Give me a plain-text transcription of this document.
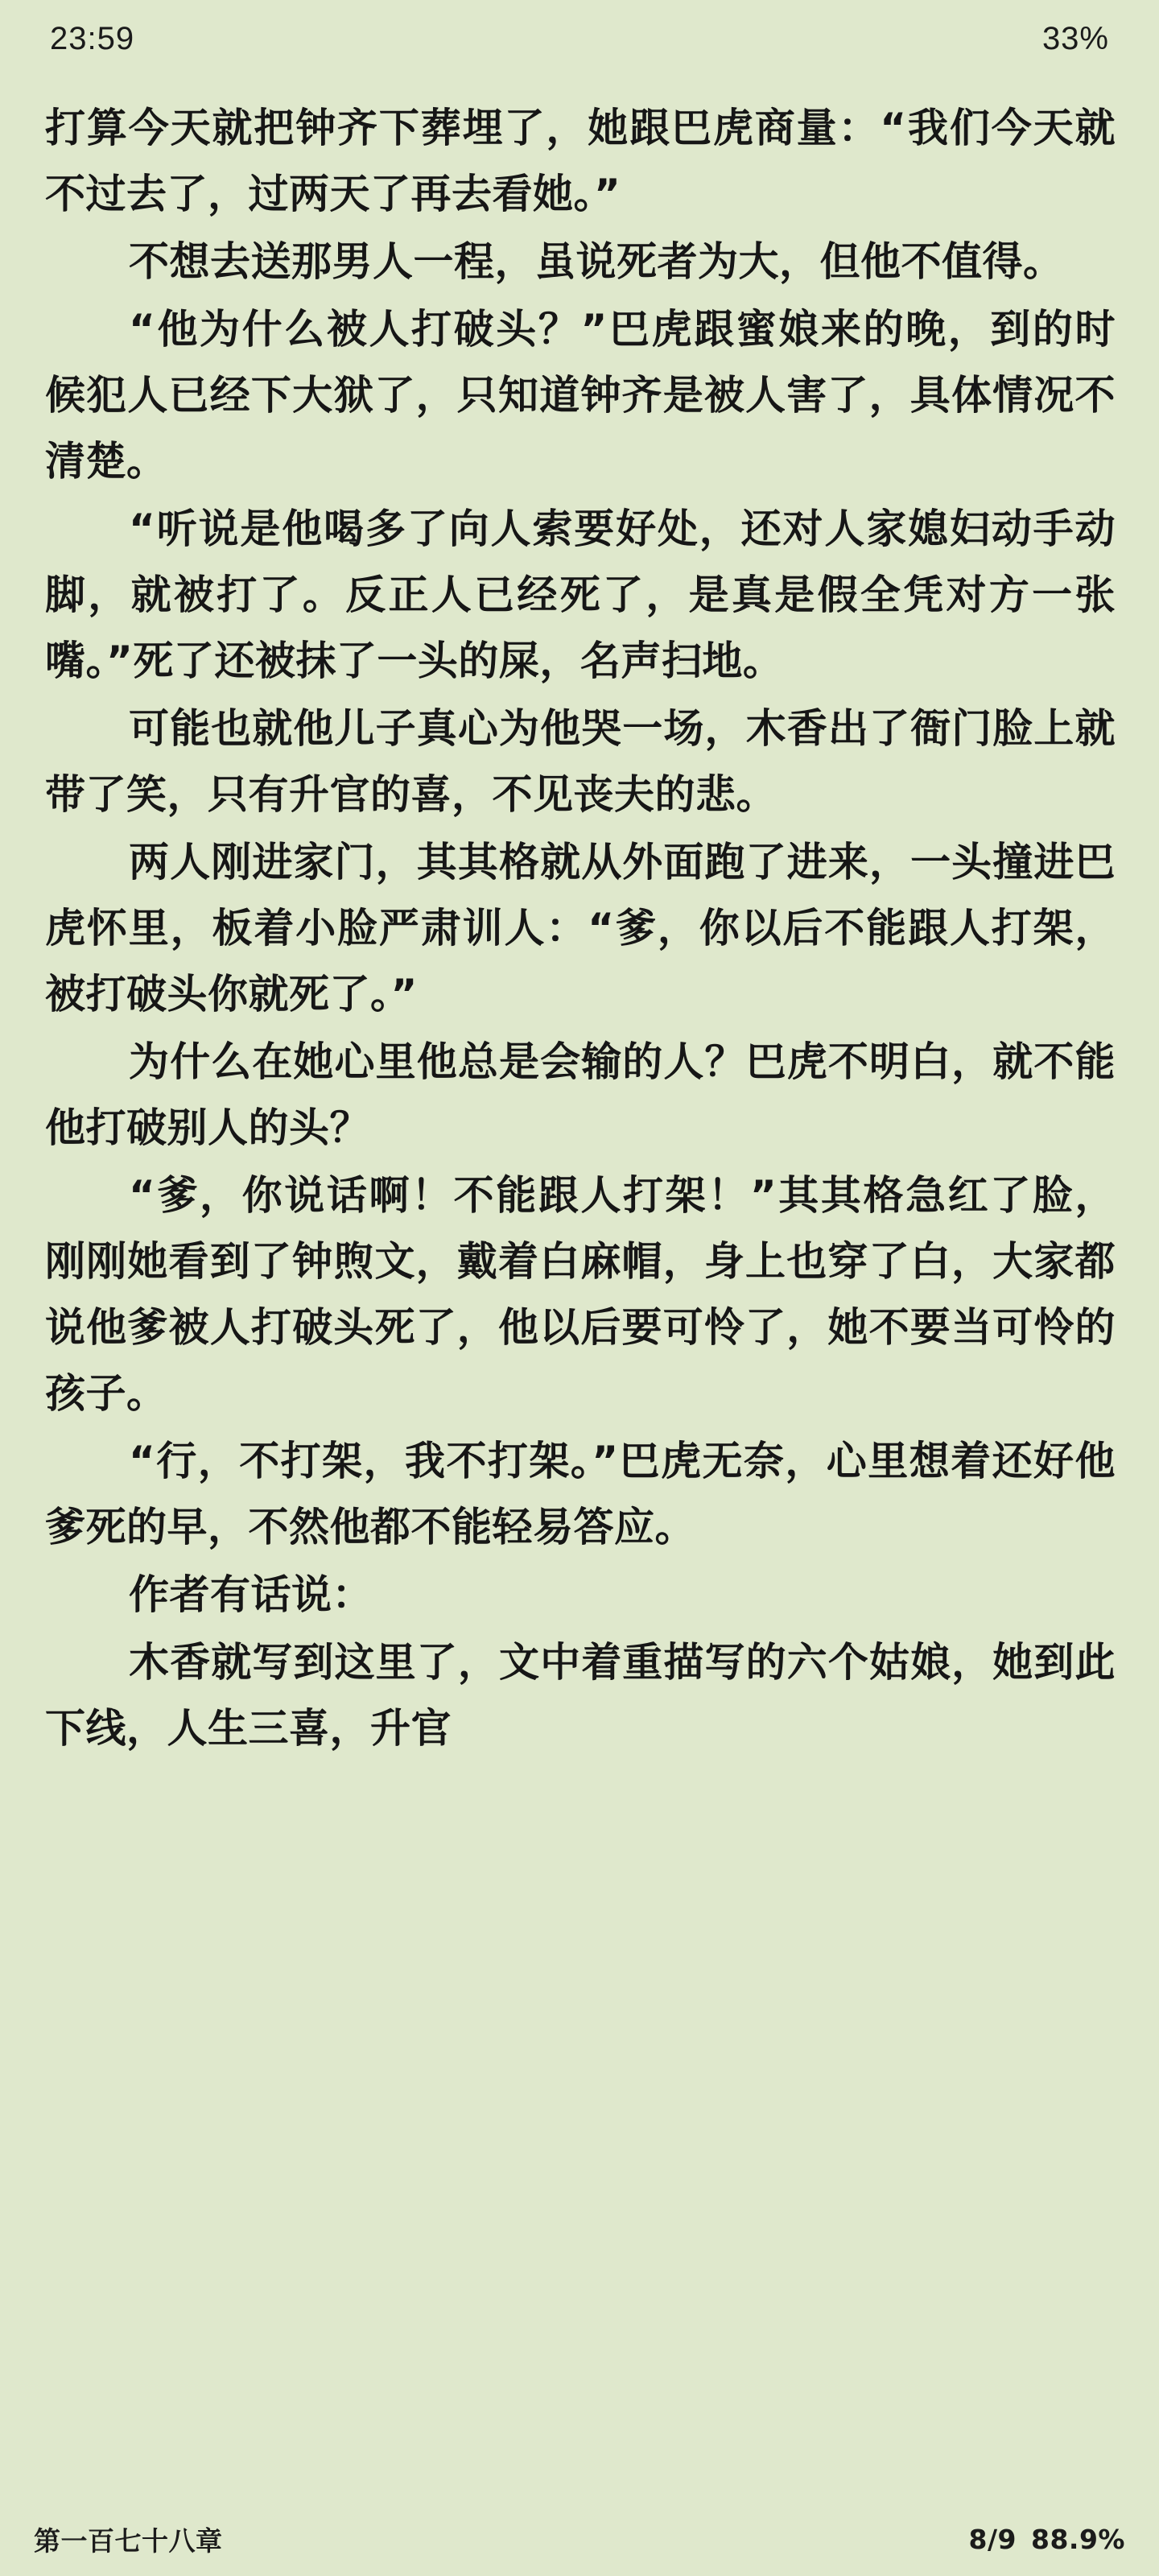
23:59	33%

打算今天就把钟齐下葬埋了，她跟巴虎商量：“我们今天就不过去了，过两天了再去看她。”

不想去送那男人一程，虽说死者为大，但他不值得。

“他为什么被人打破头？”巴虎跟蜜娘来的晚，到的时候犯人已经下大狱了，只知道钟齐是被人害了，具体情况不清楚。

“听说是他喝多了向人索要好处，还对人家媳妇动手动脚，就被打了。反正人已经死了，是真是假全凭对方一张嘴。”死了还被抹了一头的屎，名声扫地。

可能也就他儿子真心为他哭一场，木香出了衙门脸上就带了笑，只有升官的喜，不见丧夫的悲。

两人刚进家门，其其格就从外面跑了进来，一头撞进巴虎怀里，板着小脸严肃训人：“爹，你以后不能跟人打架，被打破头你就死了。”

为什么在她心里他总是会输的人？巴虎不明白，就不能他打破别人的头？

“爹，你说话啊！不能跟人打架！”其其格急红了脸，刚刚她看到了钟煦文，戴着白麻帽，身上也穿了白，大家都说他爹被人打破头死了，他以后要可怜了，她不要当可怜的孩子。

“行，不打架，我不打架。”巴虎无奈，心里想着还好他爹死的早，不然他都不能轻易答应。

作者有话说：

木香就写到这里了，文中着重描写的六个姑娘，她到此下线，人生三喜，升官

第一百七十八章	8/9 88.9%
